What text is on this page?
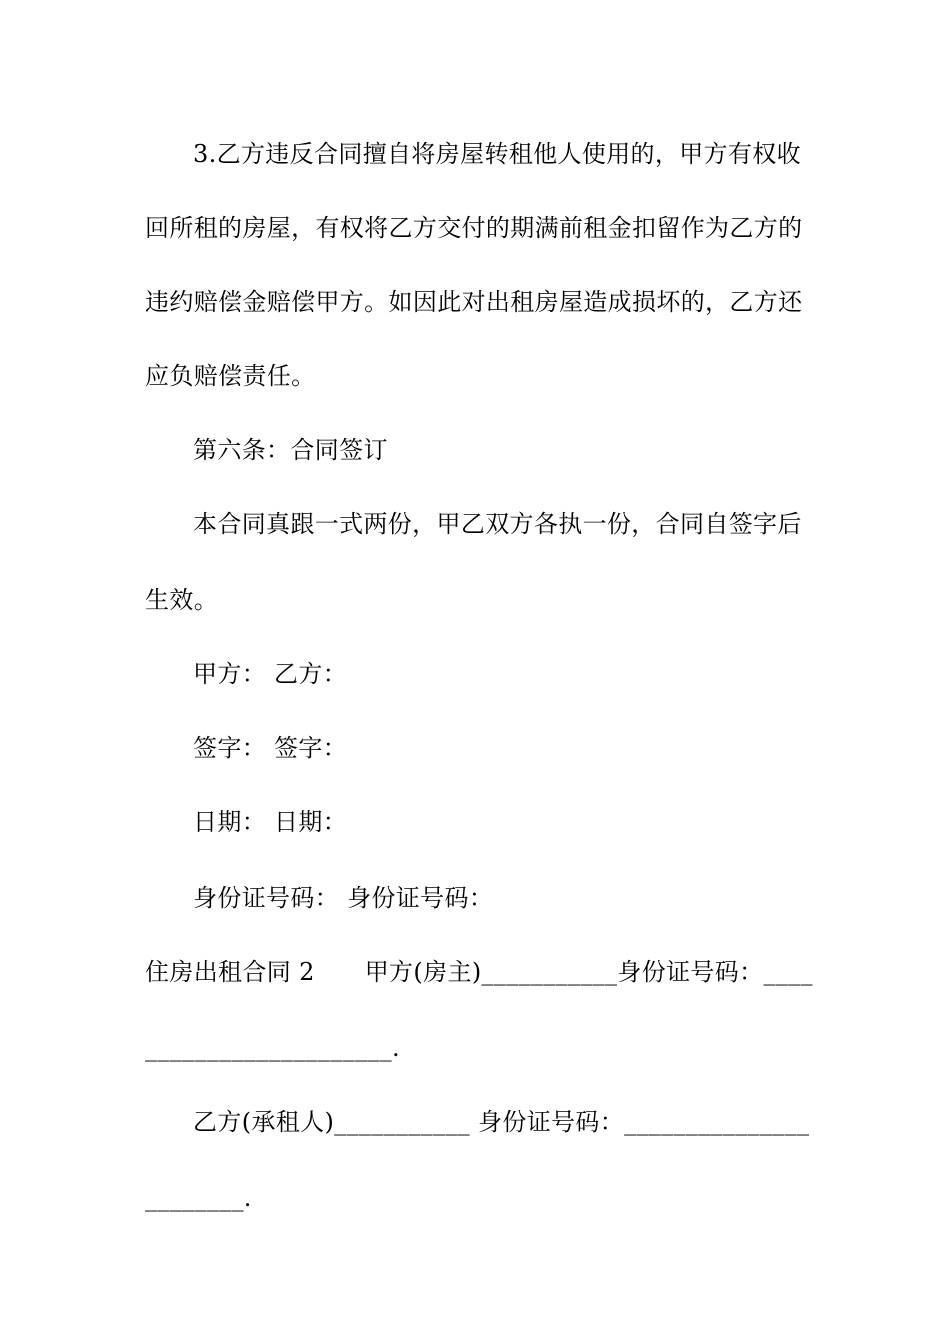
3.乙方违反合同擅自将房屋转租他人使用的，甲方有权收
回所租的房屋，有权将乙方交付的期满前租金扣留作为乙方的
违约赔偿金赔偿甲方。如因此对出租房屋造成损坏的，乙方还
应负赔偿责任。
第六条：合同签订
本合同真跟一式两份，甲乙双方各执一份，合同自签字后
生效。
甲方： 乙方：
签字： 签字：
日期： 日期：
身份证号码： 身份证号码：
住房出租合同 2 甲方(房主)___________身份证号码：____
____________________.
乙方(承租人)___________ 身份证号码：_______________
________.
